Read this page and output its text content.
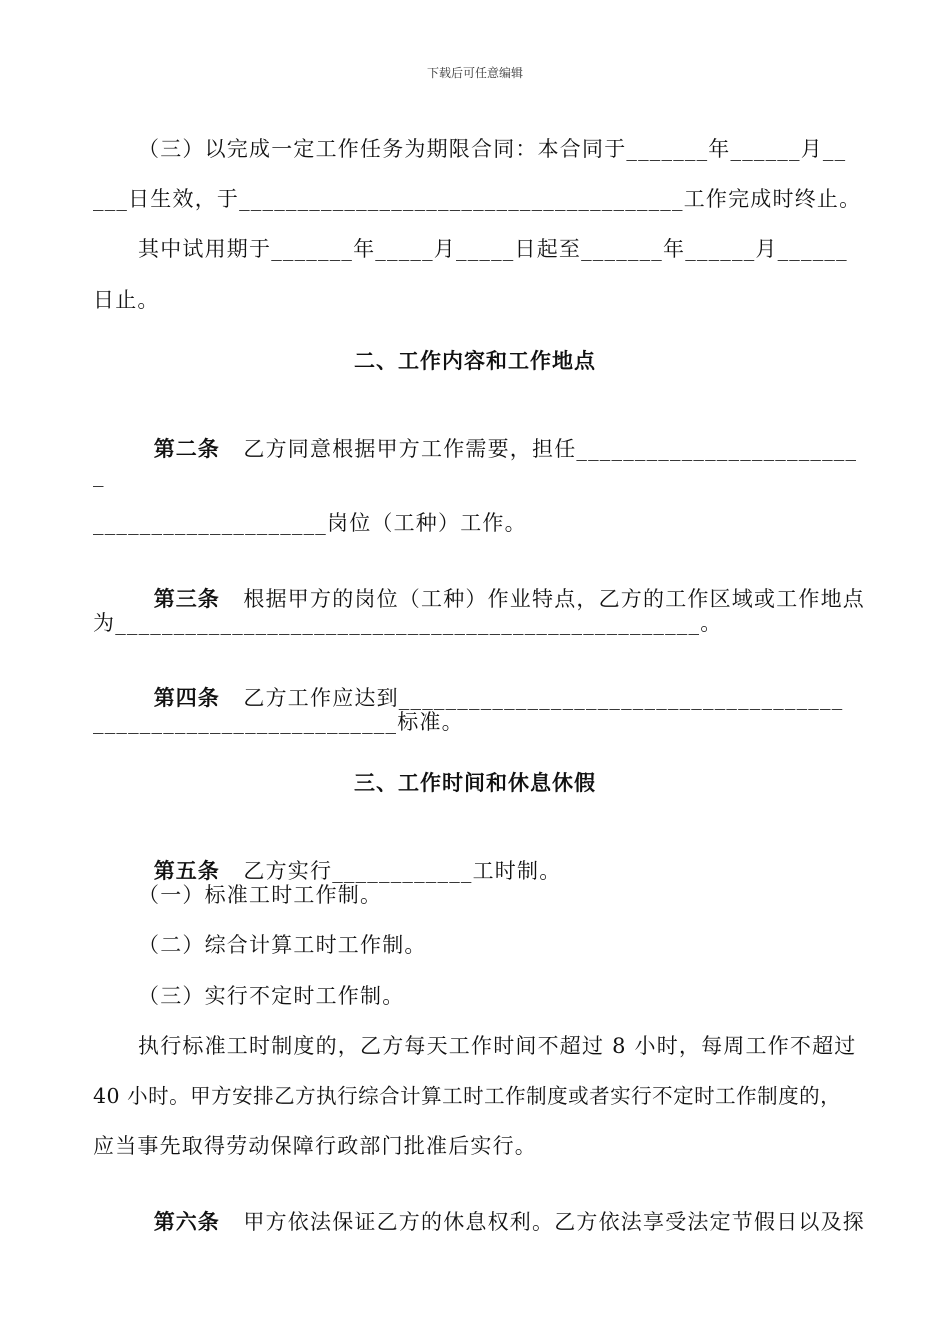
下载后可任意编辑
（三）以完成一定工作任务为期限合同：本合同于_______年______月__
___日生效，于______________________________________工作完成时终止。
其中试用期于_______年_____月_____日起至_______年______月______
日止。
二、工作内容和工作地点

第二条 乙方同意根据甲方工作需要，担任________________________

_
____________________岗位（工种）工作。

第三条 根据甲方的岗位（工种）作业特点，乙方的工作区域或工作地点

为__________________________________________________。

第四条 乙方工作应达到______________________________________

__________________________标准。
三、工作时间和休息休假

第五条 乙方实行____________工时制。

（一）标准工时工作制。
（二）综合计算工时工作制。
（三）实行不定时工作制。
执行标准工时制度的，乙方每天工作时间不超过 8 小时，每周工作不超过
40 小时。甲方安排乙方执行综合计算工时工作制度或者实行不定时工作制度的，
应当事先取得劳动保障行政部门批准后实行。

第六条 甲方依法保证乙方的休息权利。乙方依法享受法定节假日以及探
